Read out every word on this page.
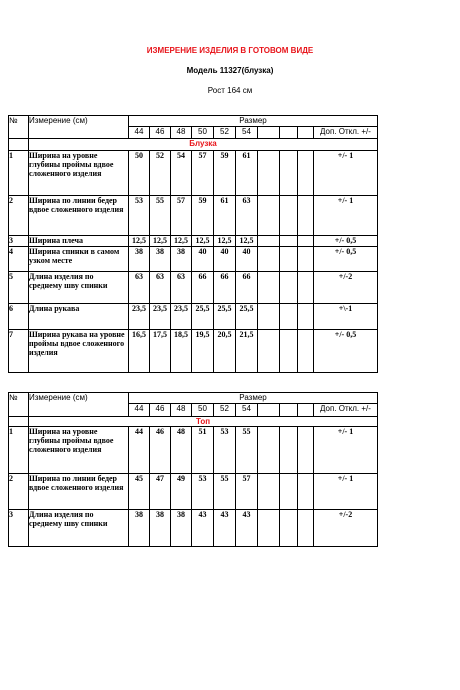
ИЗМЕРЕНИЕ ИЗДЕЛИЯ В ГОТОВОМ ВИДЕ
Модель 11327(блузка)
Рост 164 см
№	Измерение (см)	Размер									
		44	46	48	50	52	54				Доп. Откл. +/-
	Блузка										
1	Ширина на уровне глубины проймы вдвое сложенного изделия	50	52	54	57	59	61				+/- 1
2	Ширина по линии бедер вдвое сложенного изделия	53	55	57	59	61	63				+/- 1
3	Ширина плеча	12,5	12,5	12,5	12,5	12,5	12,5				+/- 0,5
4	Ширина спинки в самом узком месте	38	38	38	40	40	40				+/- 0,5
5	Длина изделия по среднему шву спинки	63	63	63	66	66	66				+/-2
6	Длина рукава	23,5	23,5	23,5	25,5	25,5	25,5				+\-1
7	Ширина рукава на уровне проймы вдвое сложенного изделия	16,5	17,5	18,5	19,5	20,5	21,5				+/- 0,5
№	Измерение (см)	Размер									
		44	46	48	50	52	54				Доп. Откл. +/-
	Топ										
1	Ширина на уровне глубины проймы вдвое сложенного изделия	44	46	48	51	53	55				+/- 1
2	Ширина по линии бедер вдвое сложенного изделия	45	47	49	53	55	57				+/- 1
3	Длина изделия по среднему шву спинки	38	38	38	43	43	43				+/-2
